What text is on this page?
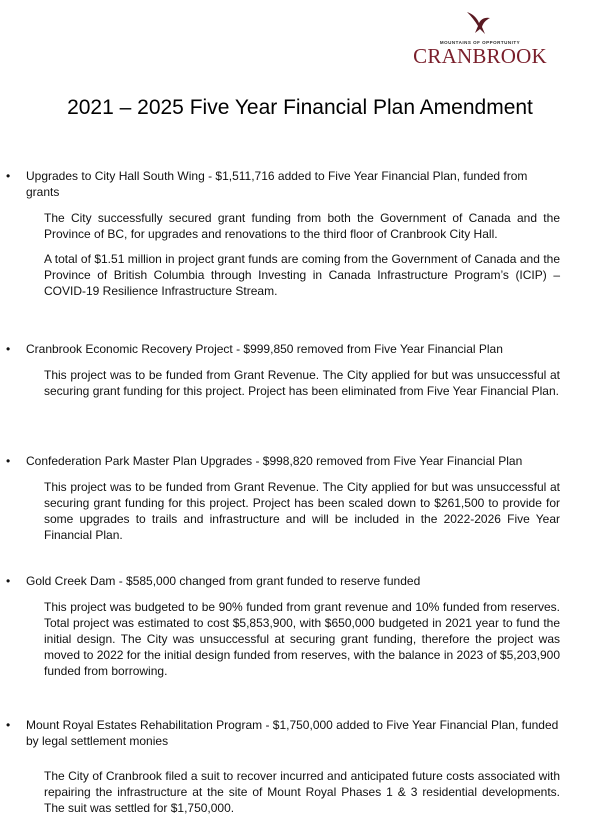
MOUNTAINS OF OPPORTUNITY
CRANBROOK
2021 – 2025 Five Year Financial Plan Amendment
• Upgrades to City Hall South Wing - $1,511,716 added to Five Year Financial Plan, funded from grants
The City successfully secured grant funding from both the Government of Canada and the Province of BC, for upgrades and renovations to the third floor of Cranbrook City Hall.
A total of $1.51 million in project grant funds are coming from the Government of Canada and the Province of British Columbia through Investing in Canada Infrastructure Program’s (ICIP) – COVID-19 Resilience Infrastructure Stream.
• Cranbrook Economic Recovery Project - $999,850 removed from Five Year Financial Plan
This project was to be funded from Grant Revenue. The City applied for but was unsuccessful at securing grant funding for this project. Project has been eliminated from Five Year Financial Plan.
• Confederation Park Master Plan Upgrades - $998,820 removed from Five Year Financial Plan
This project was to be funded from Grant Revenue. The City applied for but was unsuccessful at securing grant funding for this project. Project has been scaled down to $261,500 to provide for some upgrades to trails and infrastructure and will be included in the 2022-2026 Five Year Financial Plan.
• Gold Creek Dam - $585,000 changed from grant funded to reserve funded
This project was budgeted to be 90% funded from grant revenue and 10% funded from reserves. Total project was estimated to cost $5,853,900, with $650,000 budgeted in 2021 year to fund the initial design. The City was unsuccessful at securing grant funding, therefore the project was moved to 2022 for the initial design funded from reserves, with the balance in 2023 of $5,203,900 funded from borrowing.
• Mount Royal Estates Rehabilitation Program - $1,750,000 added to Five Year Financial Plan, funded by legal settlement monies
The City of Cranbrook filed a suit to recover incurred and anticipated future costs associated with repairing the infrastructure at the site of Mount Royal Phases 1 & 3 residential developments. The suit was settled for $1,750,000.
